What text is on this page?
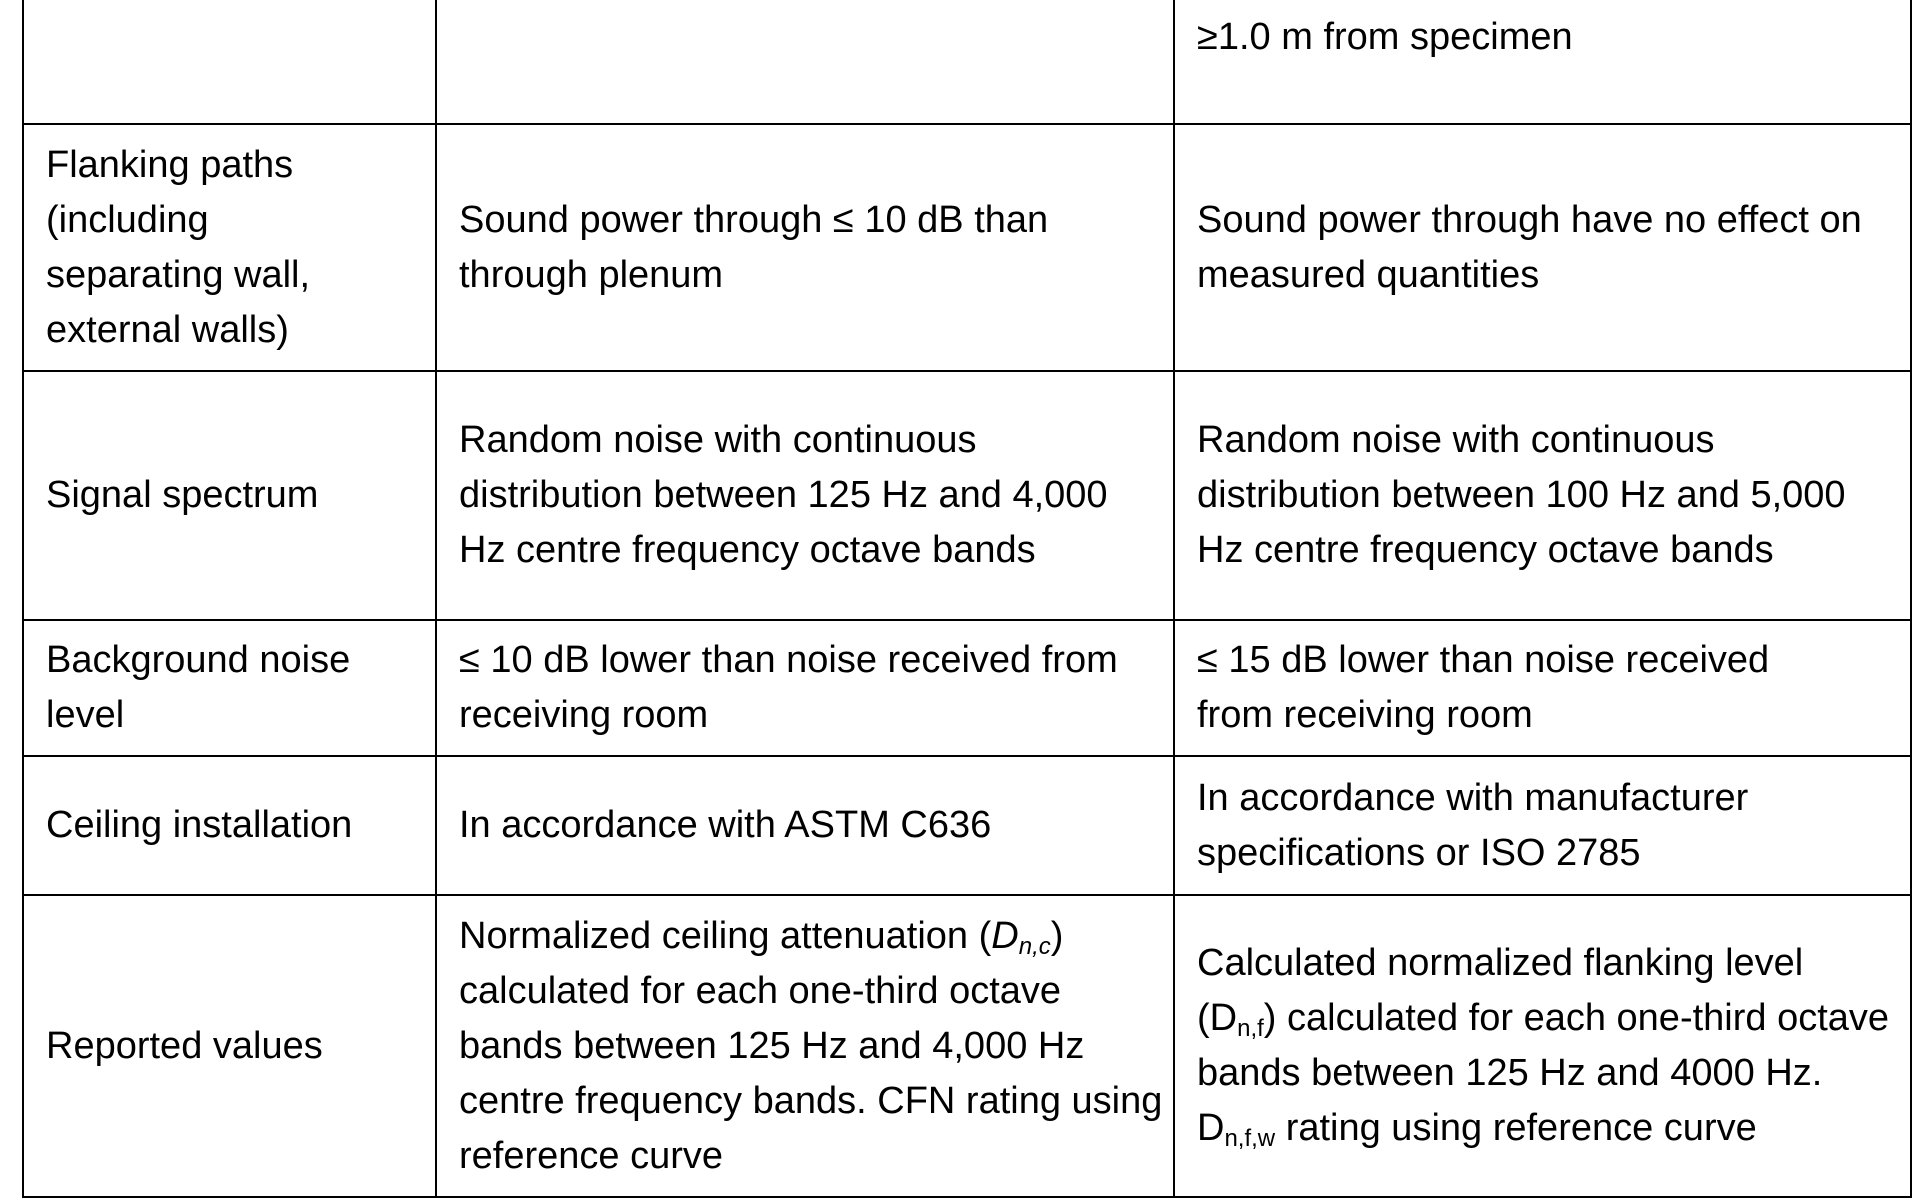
		≥1.0 m from specimen
Flanking paths (including separating wall, external walls)	Sound power through ≤ 10 dB than through plenum	Sound power through have no effect on measured quantities
Signal spectrum	Random noise with continuous distribution between 125 Hz and 4,000 Hz centre frequency octave bands	Random noise with continuous distribution between 100 Hz and 5,000 Hz centre frequency octave bands
Background noise level	≤ 10 dB lower than noise received from receiving room	≤ 15 dB lower than noise received from receiving room
Ceiling installation	In accordance with ASTM C636	In accordance with manufacturer specifications or ISO 2785
Reported values	Normalized ceiling attenuation $(D_{n,c})$ calculated for each one-third octave bands between 125 Hz and 4,000 Hz centre frequency bands. CFN rating using reference curve	Calculated normalized flanking level $(D_{n,f})$ calculated for each one-third octave bands between 125 Hz and 4000 Hz. $D_{n,f,w}$ rating using reference curve
